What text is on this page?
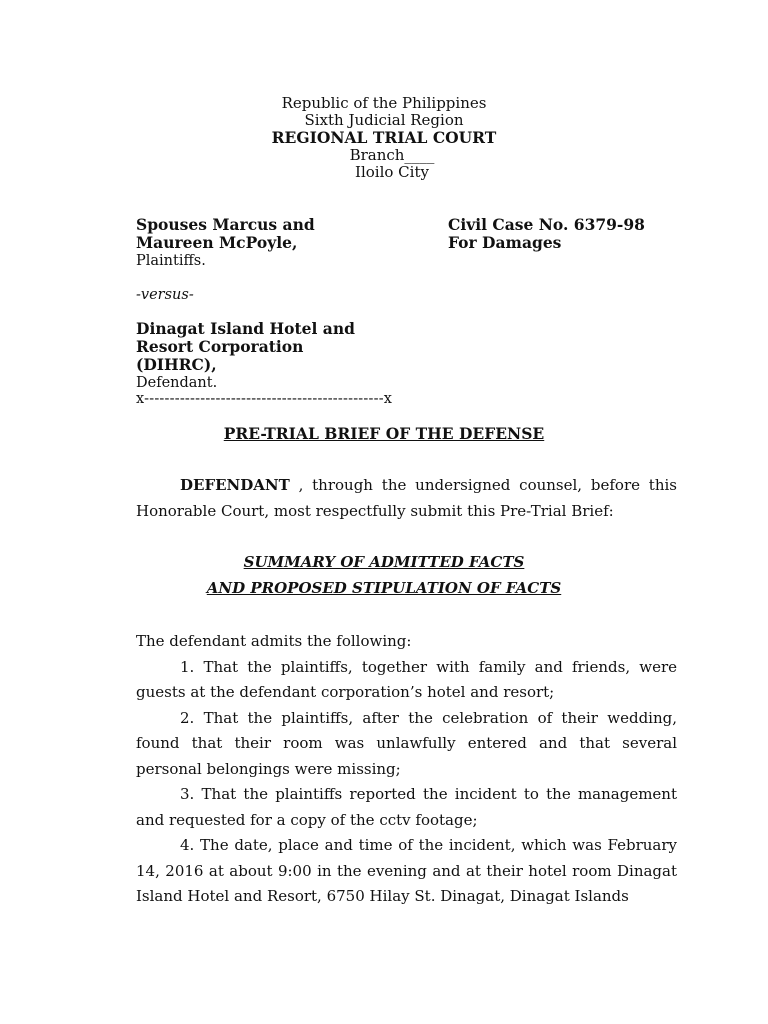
Republic of the Philippines
Sixth Judicial Region
REGIONAL TRIAL COURT
Branch____
Iloilo City
Spouses Marcus and
Maureen McPoyle,
Plaintiffs.
Civil Case No. 6379-98
For Damages
-versus-
Dinagat Island Hotel and
Resort Corporation
(DIHRC),
Defendant.
x-----------------------------------------------x
PRE-TRIAL BRIEF OF THE DEFENSE
DEFENDANT , through the undersigned counsel, before this
Honorable Court, most respectfully submit this Pre-Trial Brief:
SUMMARY OF ADMITTED FACTS
AND PROPOSED STIPULATION OF FACTS
The defendant admits the following:
1. That the plaintiffs, together with family and friends, were
guests at the defendant corporation’s hotel and resort;
2. That the plaintiffs, after the celebration of their wedding,
found that their room was unlawfully entered and that several
personal belongings were missing;
3. That the plaintiffs reported the incident to the management
and requested for a copy of the cctv footage;
4. The date, place and time of the incident, which was February
14, 2016 at about 9:00 in the evening and at their hotel room Dinagat
Island Hotel and Resort, 6750 Hilay St. Dinagat, Dinagat Islands
